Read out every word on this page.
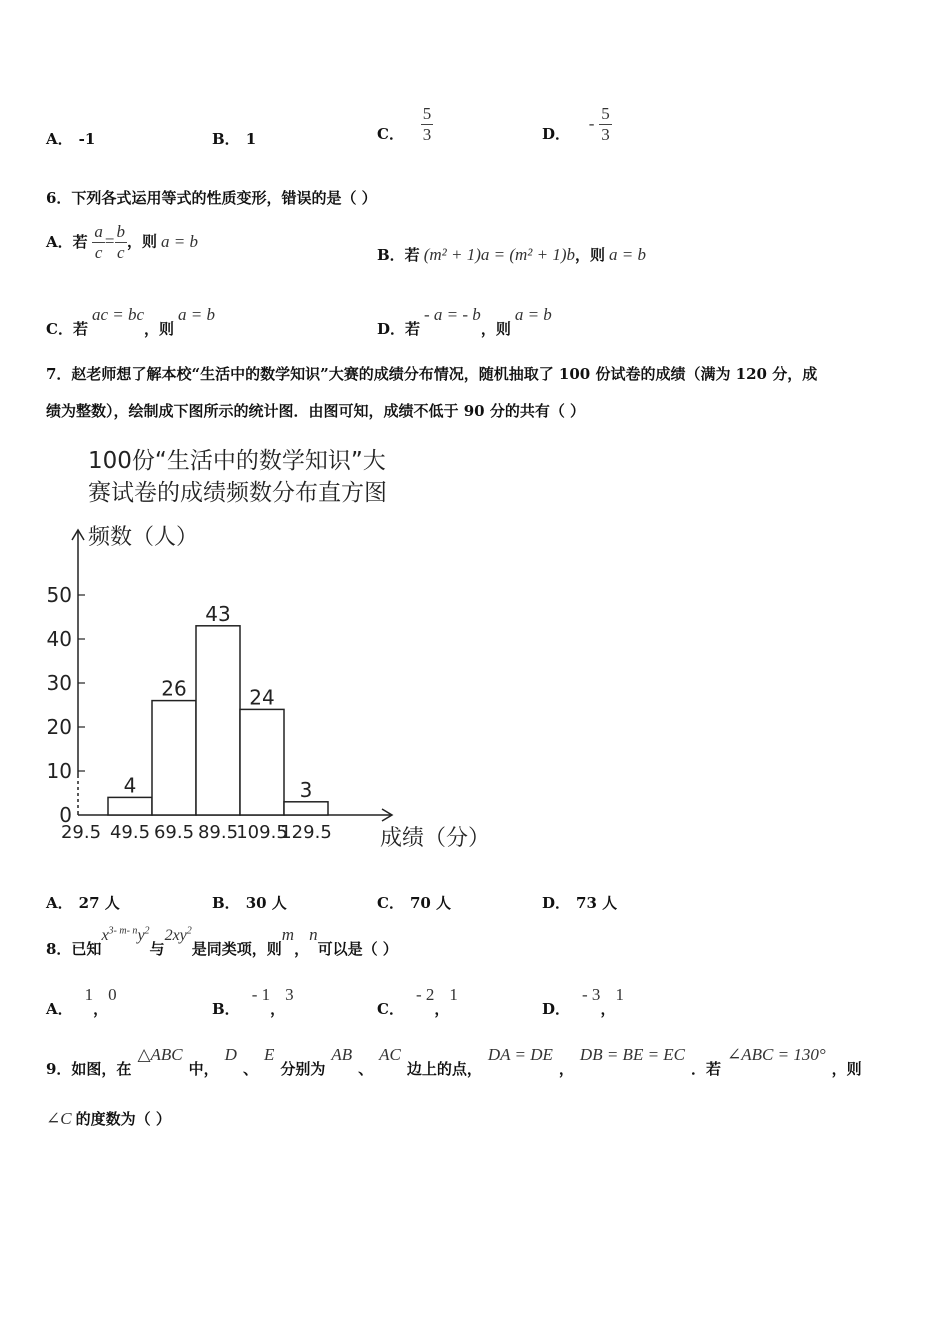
A． -1	B． 1	C． $\frac{5}{3}$	D． - $\frac{5}{3}$
6．下列各式运用等式的性质变形，错误的是（ ）
A．若 $\frac{a}{c} = \frac{b}{c}$ ，则 a = b
B．若 (m² + 1)a = (m² + 1)b，则 a = b
C．若ac = bc，则a = b
D．若- a = - b，则a = b
7．赵老师想了解本校“生活中的数学知识”大赛的成绩分布情况，随机抽取了 100 份试卷的成绩（满为 120 分，成
绩为整数），绘制成下图所示的统计图．由图可知，成绩不低于 90 分的共有（ ）
100份“生活中的数学知识”大
赛试卷的成绩频数分布直方图
频数（人）
成绩（分）
0
10
20
30
40
50
29.5 49.5 69.5 89.5
109.5
129.5
4
26
43
24
3
A． 27 人	B． 30 人	C． 70 人	D． 73 人
8．已知$x^{3- m- n}y^2$与$2xy^2$是同类项，则m，n可以是（ ）
A．1，0
B．- 1，3
C．- 2，1
D．- 3，1
9．如图，在△ABC中，D、E分别为AB、AC边上的点，DA = DE，DB = BE = EC．若∠ABC = 130°，则
∠C 的度数为（ ）
